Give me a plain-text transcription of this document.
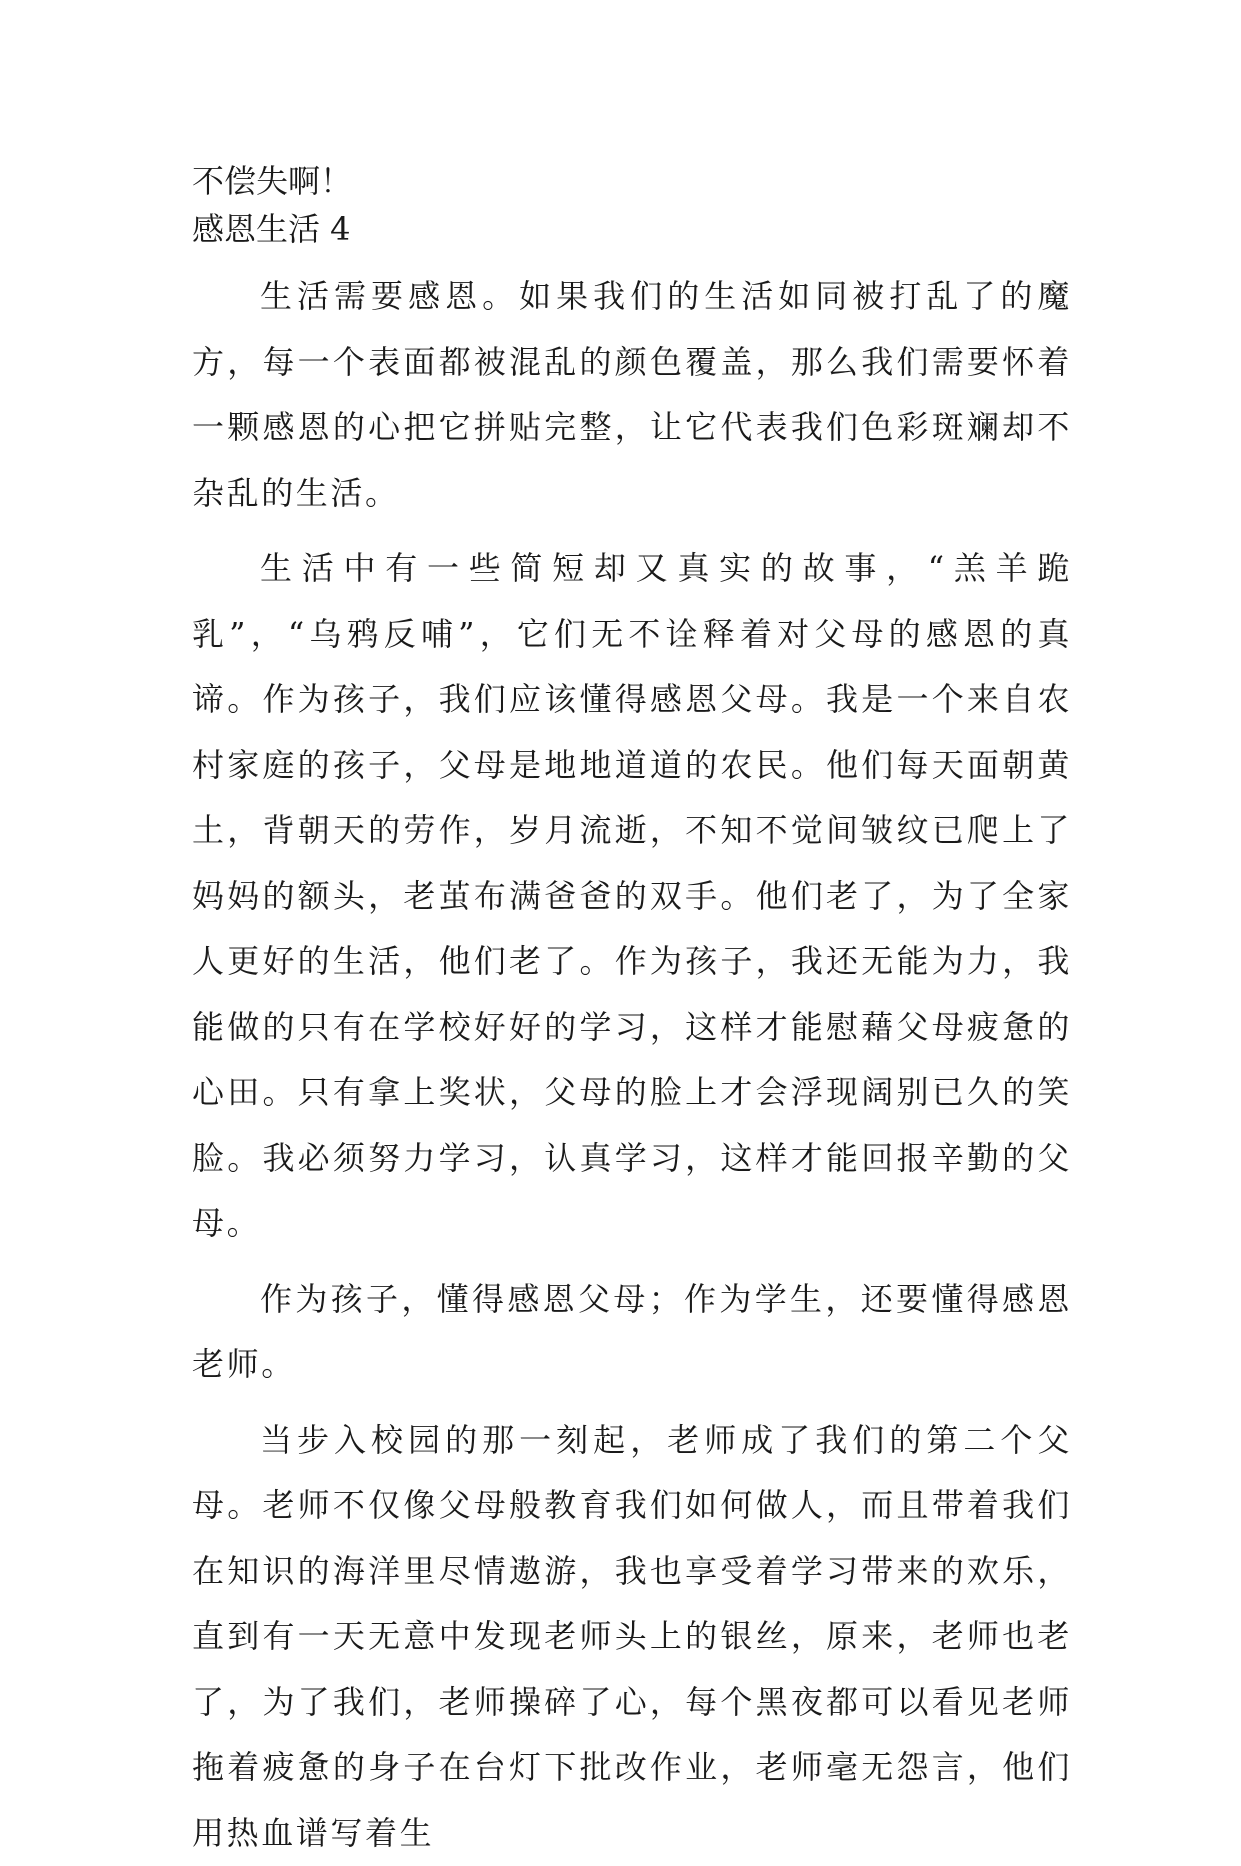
不偿失啊！

感恩生活 4

生活需要感恩。如果我们的生活如同被打乱了的魔方，每一个表面都被混乱的颜色覆盖，那么我们需要怀着一颗感恩的心把它拼贴完整，让它代表我们色彩斑斓却不杂乱的生活。

生活中有一些简短却又真实的故事，“羔羊跪乳”，“乌鸦反哺”，它们无不诠释着对父母的感恩的真谛。作为孩子，我们应该懂得感恩父母。我是一个来自农村家庭的孩子，父母是地地道道的农民。他们每天面朝黄土，背朝天的劳作，岁月流逝，不知不觉间皱纹已爬上了妈妈的额头，老茧布满爸爸的双手。他们老了，为了全家人更好的生活，他们老了。作为孩子，我还无能为力，我能做的只有在学校好好的学习，这样才能慰藉父母疲惫的心田。只有拿上奖状，父母的脸上才会浮现阔别已久的笑脸。我必须努力学习，认真学习，这样才能回报辛勤的父母。

作为孩子，懂得感恩父母；作为学生，还要懂得感恩老师。

当步入校园的那一刻起，老师成了我们的第二个父母。老师不仅像父母般教育我们如何做人，而且带着我们在知识的海洋里尽情遨游，我也享受着学习带来的欢乐，直到有一天无意中发现老师头上的银丝，原来，老师也老了，为了我们，老师操碎了心，每个黑夜都可以看见老师拖着疲惫的身子在台灯下批改作业，老师毫无怨言，他们用热血谱写着生
